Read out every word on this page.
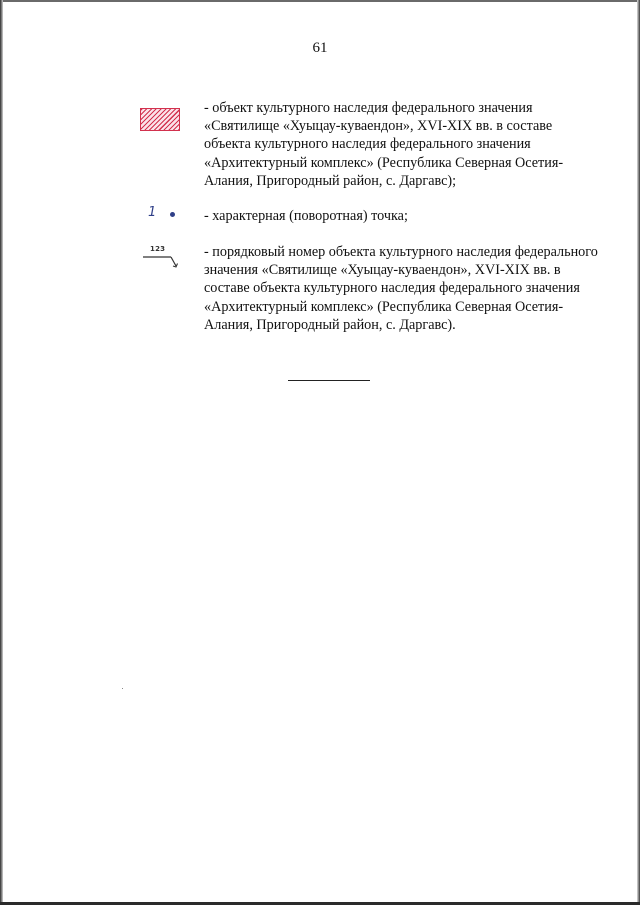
61

- объект культурного наследия федерального значения «Святилище «Хуыцау-куваендон», XVI-XIX вв. в составе объекта культурного наследия федерального значения «Архитектурный комплекс» (Республика Северная Осетия-Алания, Пригородный район, с. Даргавс);

1	- характерная (поворотная) точка;

123	- порядковый номер объекта культурного наследия федерального значения «Святилище «Хуыцау-куваендон», XVI-XIX вв. в составе объекта культурного наследия федерального значения «Архитектурный комплекс» (Республика Северная Осетия-Алания, Пригородный район, с. Даргавс).
